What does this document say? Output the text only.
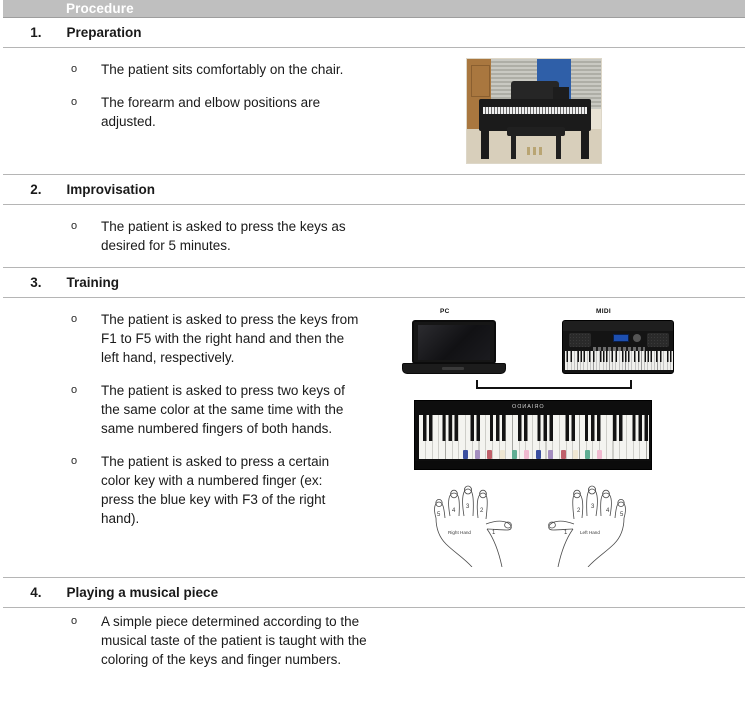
	Procedure

1.	Preparation

	o The patient sits comfortably on the chair.
o The forearm and elbow positions are adjusted.

2.	Improvisation

	o The patient is asked to press the keys as desired for 5 minutes.

3.	Training

o	The patient is asked to press the keys from F1 to F5 with the right hand and then the left hand, respectively.
o	The patient is asked to press two keys of the same color at the same time with the same numbered fingers of both hands.
o	The patient is asked to press a certain color key with a numbered finger (ex: press the blue key with F3 of the right hand).
PC	MIDI
ORIANDO
5
4
3
2
1
5
4
3
2
1
Right Hand	Left Hand

4.	Playing a musical piece

	o A simple piece determined according to the musical taste of the patient is taught with the coloring of the keys and finger numbers.
